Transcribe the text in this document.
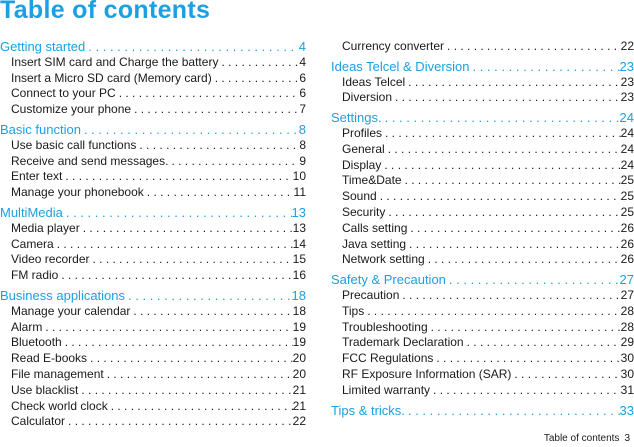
Table of contents
Getting started . . .	4
Insert SIM card and Charge the battery . . .	4
Insert a Micro SD card (Memory card) . . .	6
Connect to your PC . . .	6
Customize your phone . . .	7
Basic function . . .	8
Use basic call functions . . .	8
Receive and send messages. . . .	9
Enter text . . .	10
Manage your phonebook . . .	11
MultiMedia . . .	13
Media player . . .	13
Camera . . .	14
Video recorder . . .	15
FM radio . . .	16
Business applications . . .	18
Manage your calendar . . .	18
Alarm . . .	19
Bluetooth . . .	19
Read E-books . . .	20
File management . . .	20
Use blacklist . . .	21
Check world clock . . .	21
Calculator . . .	22
Currency converter . . .	22
Ideas Telcel & Diversion . . .	23
Ideas Telcel . . .	23
Diversion . . .	23
Settings. . . .	24
Profiles . . .	24
General . . .	24
Display . . .	24
Time&Date . . .	25
Sound . . .	25
Security . . .	25
Calls setting . . .	26
Java setting . . .	26
Network setting . . .	26
Safety & Precaution . . .	27
Precaution . . .	27
Tips . . .	28
Troubleshooting . . .	28
Trademark Declaration . . .	29
FCC Regulations . . .	30
RF Exposure Information (SAR) . . .	30
Limited warranty . . .	31
Tips & tricks. . . .	33
Table of contents 3
